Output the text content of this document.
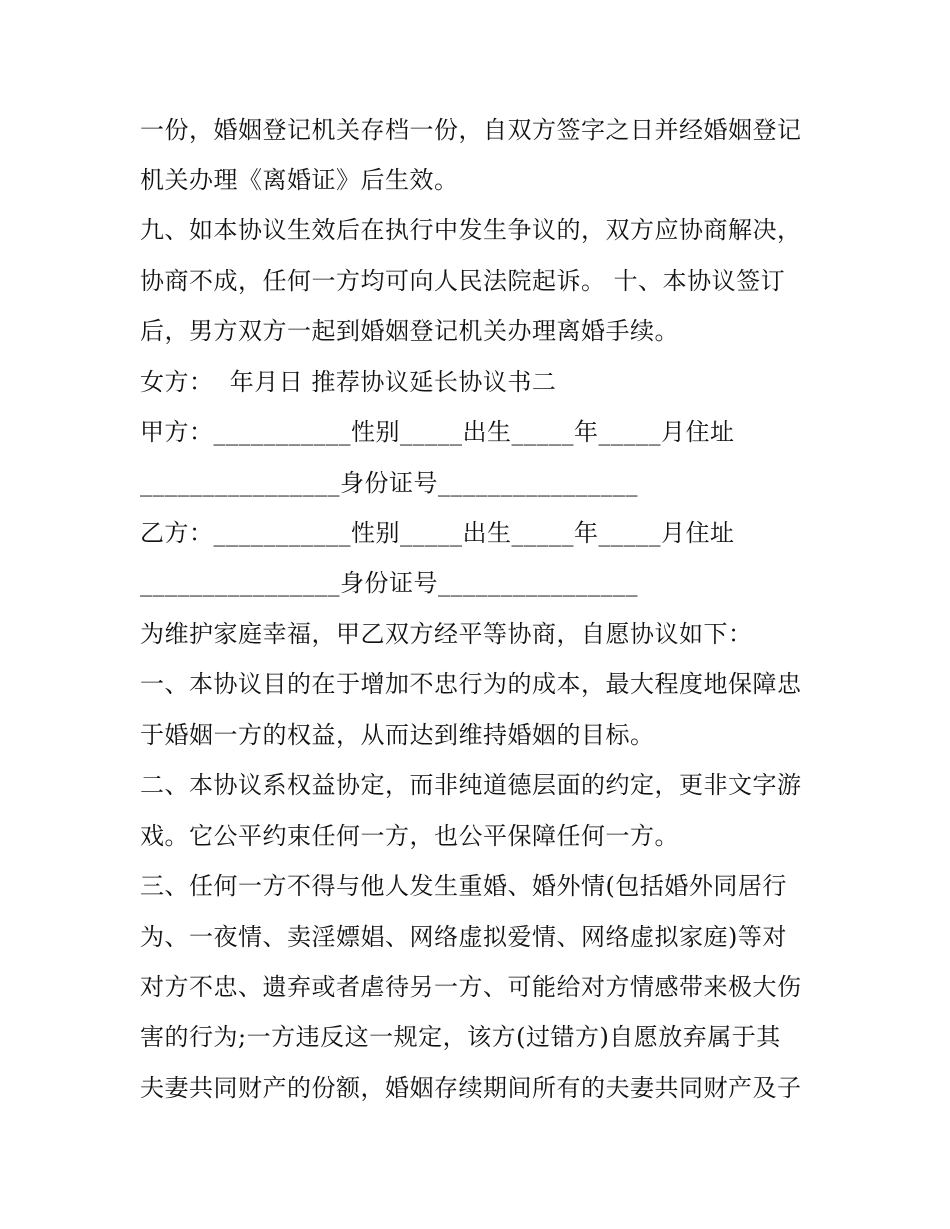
一份，婚姻登记机关存档一份，自双方签字之日并经婚姻登记
机关办理《离婚证》后生效。
九、如本协议生效后在执行中发生争议的，双方应协商解决，
协商不成，任何一方均可向人民法院起诉。 十、本协议签订
后，男方双方一起到婚姻登记机关办理离婚手续。
女方：  年月日 推荐协议延长协议书二
甲方：___________性别_____出生_____年_____月住址
________________身份证号________________
乙方：___________性别_____出生_____年_____月住址
________________身份证号________________
为维护家庭幸福，甲乙双方经平等协商，自愿协议如下：
一、本协议目的在于增加不忠行为的成本，最大程度地保障忠
于婚姻一方的权益，从而达到维持婚姻的目标。
二、本协议系权益协定，而非纯道德层面的约定，更非文字游
戏。它公平约束任何一方，也公平保障任何一方。
三、任何一方不得与他人发生重婚、婚外情(包括婚外同居行
为、一夜情、卖淫嫖娼、网络虚拟爱情、网络虚拟家庭)等对
对方不忠、遗弃或者虐待另一方、可能给对方情感带来极大伤
害的行为;一方违反这一规定，该方(过错方)自愿放弃属于其
夫妻共同财产的份额，婚姻存续期间所有的夫妻共同财产及子
